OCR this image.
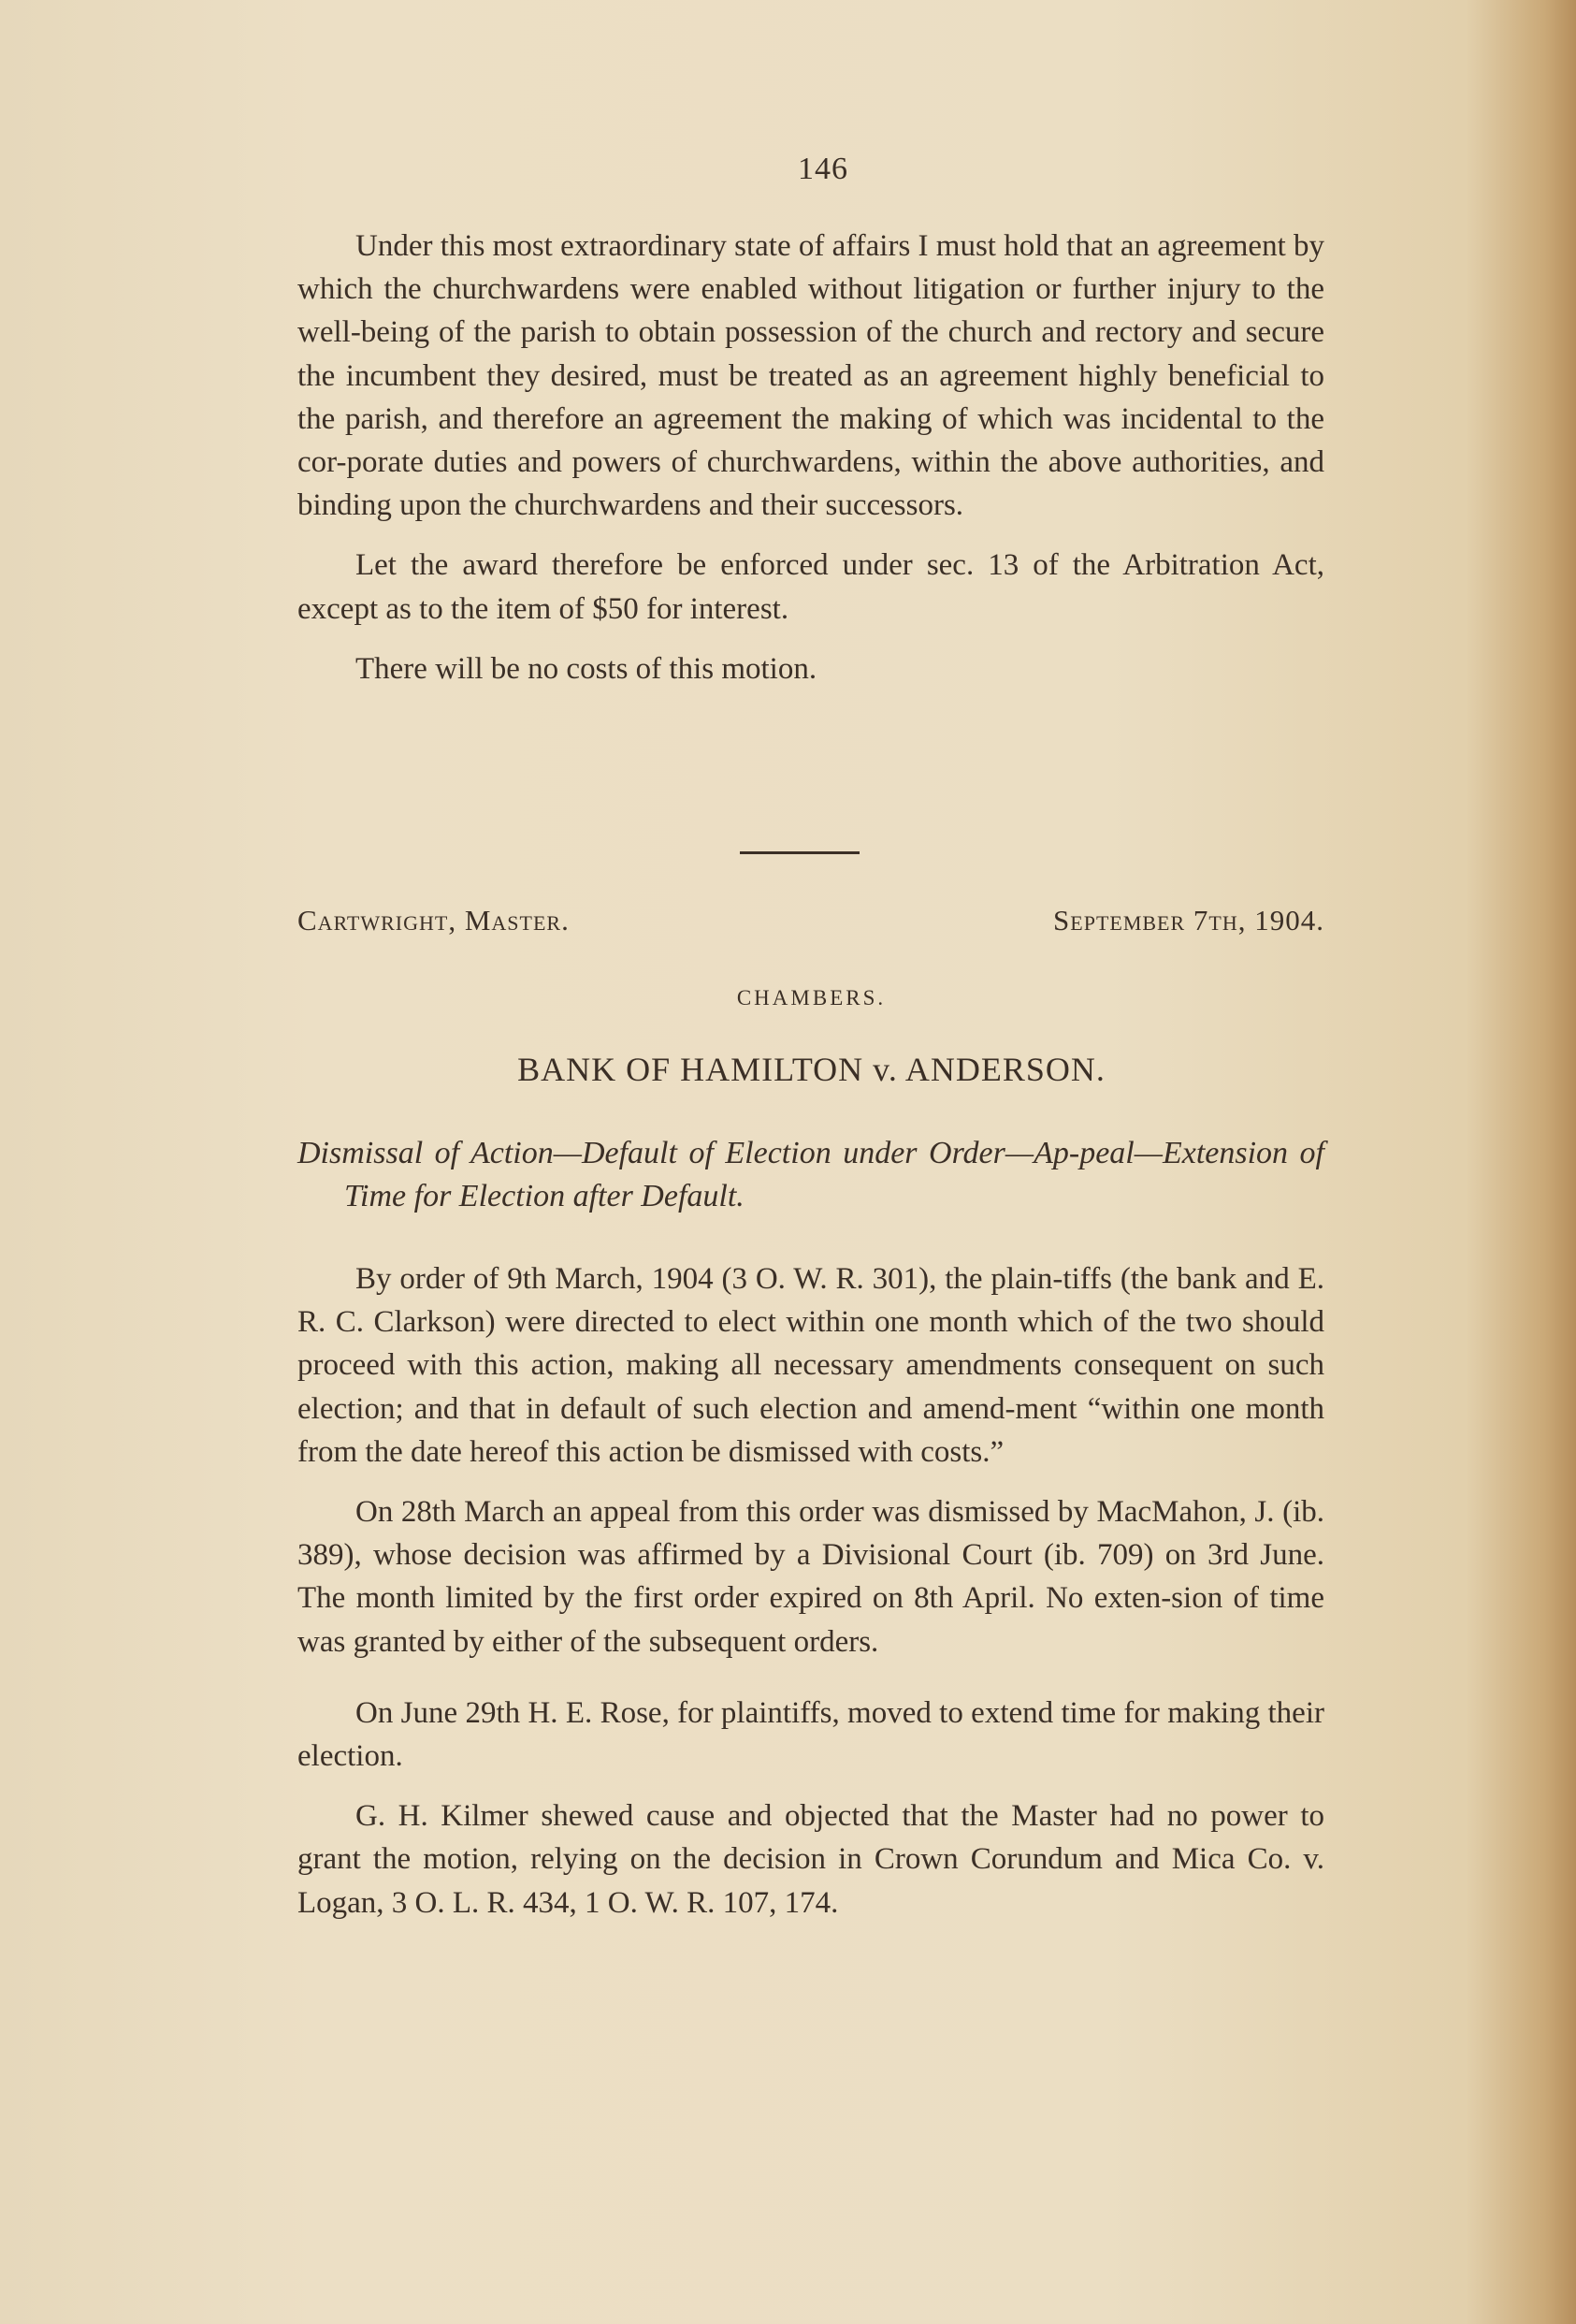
146

Under this most extraordinary state of affairs I must hold that an agreement by which the churchwardens were enabled without litigation or further injury to the well-being of the parish to obtain possession of the church and rectory and secure the incumbent they desired, must be treated as an agreement highly beneficial to the parish, and therefore an agreement the making of which was incidental to the cor-porate duties and powers of churchwardens, within the above authorities, and binding upon the churchwardens and their successors.

Let the award therefore be enforced under sec. 13 of the Arbitration Act, except as to the item of $50 for interest.

There will be no costs of this motion.

Cartwright, Master.	September 7th, 1904.

CHAMBERS.

BANK OF HAMILTON v. ANDERSON.

Dismissal of Action—Default of Election under Order—Ap-peal—Extension of Time for Election after Default.

By order of 9th March, 1904 (3 O. W. R. 301), the plain-tiffs (the bank and E. R. C. Clarkson) were directed to elect within one month which of the two should proceed with this action, making all necessary amendments consequent on such election; and that in default of such election and amend-ment “within one month from the date hereof this action be dismissed with costs.”

On 28th March an appeal from this order was dismissed by MacMahon, J. (ib. 389), whose decision was affirmed by a Divisional Court (ib. 709) on 3rd June. The month limited by the first order expired on 8th April. No exten-sion of time was granted by either of the subsequent orders.

On June 29th H. E. Rose, for plaintiffs, moved to extend time for making their election.

G. H. Kilmer shewed cause and objected that the Master had no power to grant the motion, relying on the decision in Crown Corundum and Mica Co. v. Logan, 3 O. L. R. 434, 1 O. W. R. 107, 174.
